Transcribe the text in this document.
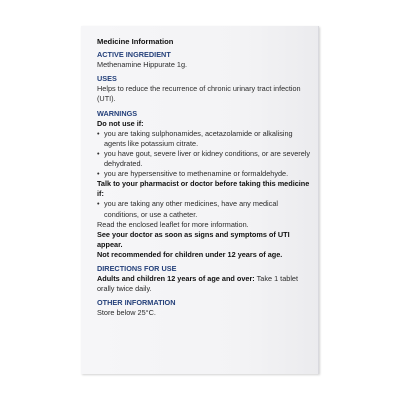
Medicine Information
ACTIVE INGREDIENT
Methenamine Hippurate 1g.
USES
Helps to reduce the recurrence of chronic urinary tract infection (UTI).
WARNINGS
Do not use if:
• you are taking sulphonamides, acetazolamide or alkalising agents like potassium citrate.
• you have gout, severe liver or kidney conditions, or are severely dehydrated.
• you are hypersensitive to methenamine or formaldehyde.
Talk to your pharmacist or doctor before taking this medicine if:
• you are taking any other medicines, have any medical conditions, or use a catheter.
Read the enclosed leaflet for more information.
See your doctor as soon as signs and symptoms of UTI appear.
Not recommended for children under 12 years of age.
DIRECTIONS FOR USE
Adults and children 12 years of age and over: Take 1 tablet orally twice daily.
OTHER INFORMATION
Store below 25°C.
